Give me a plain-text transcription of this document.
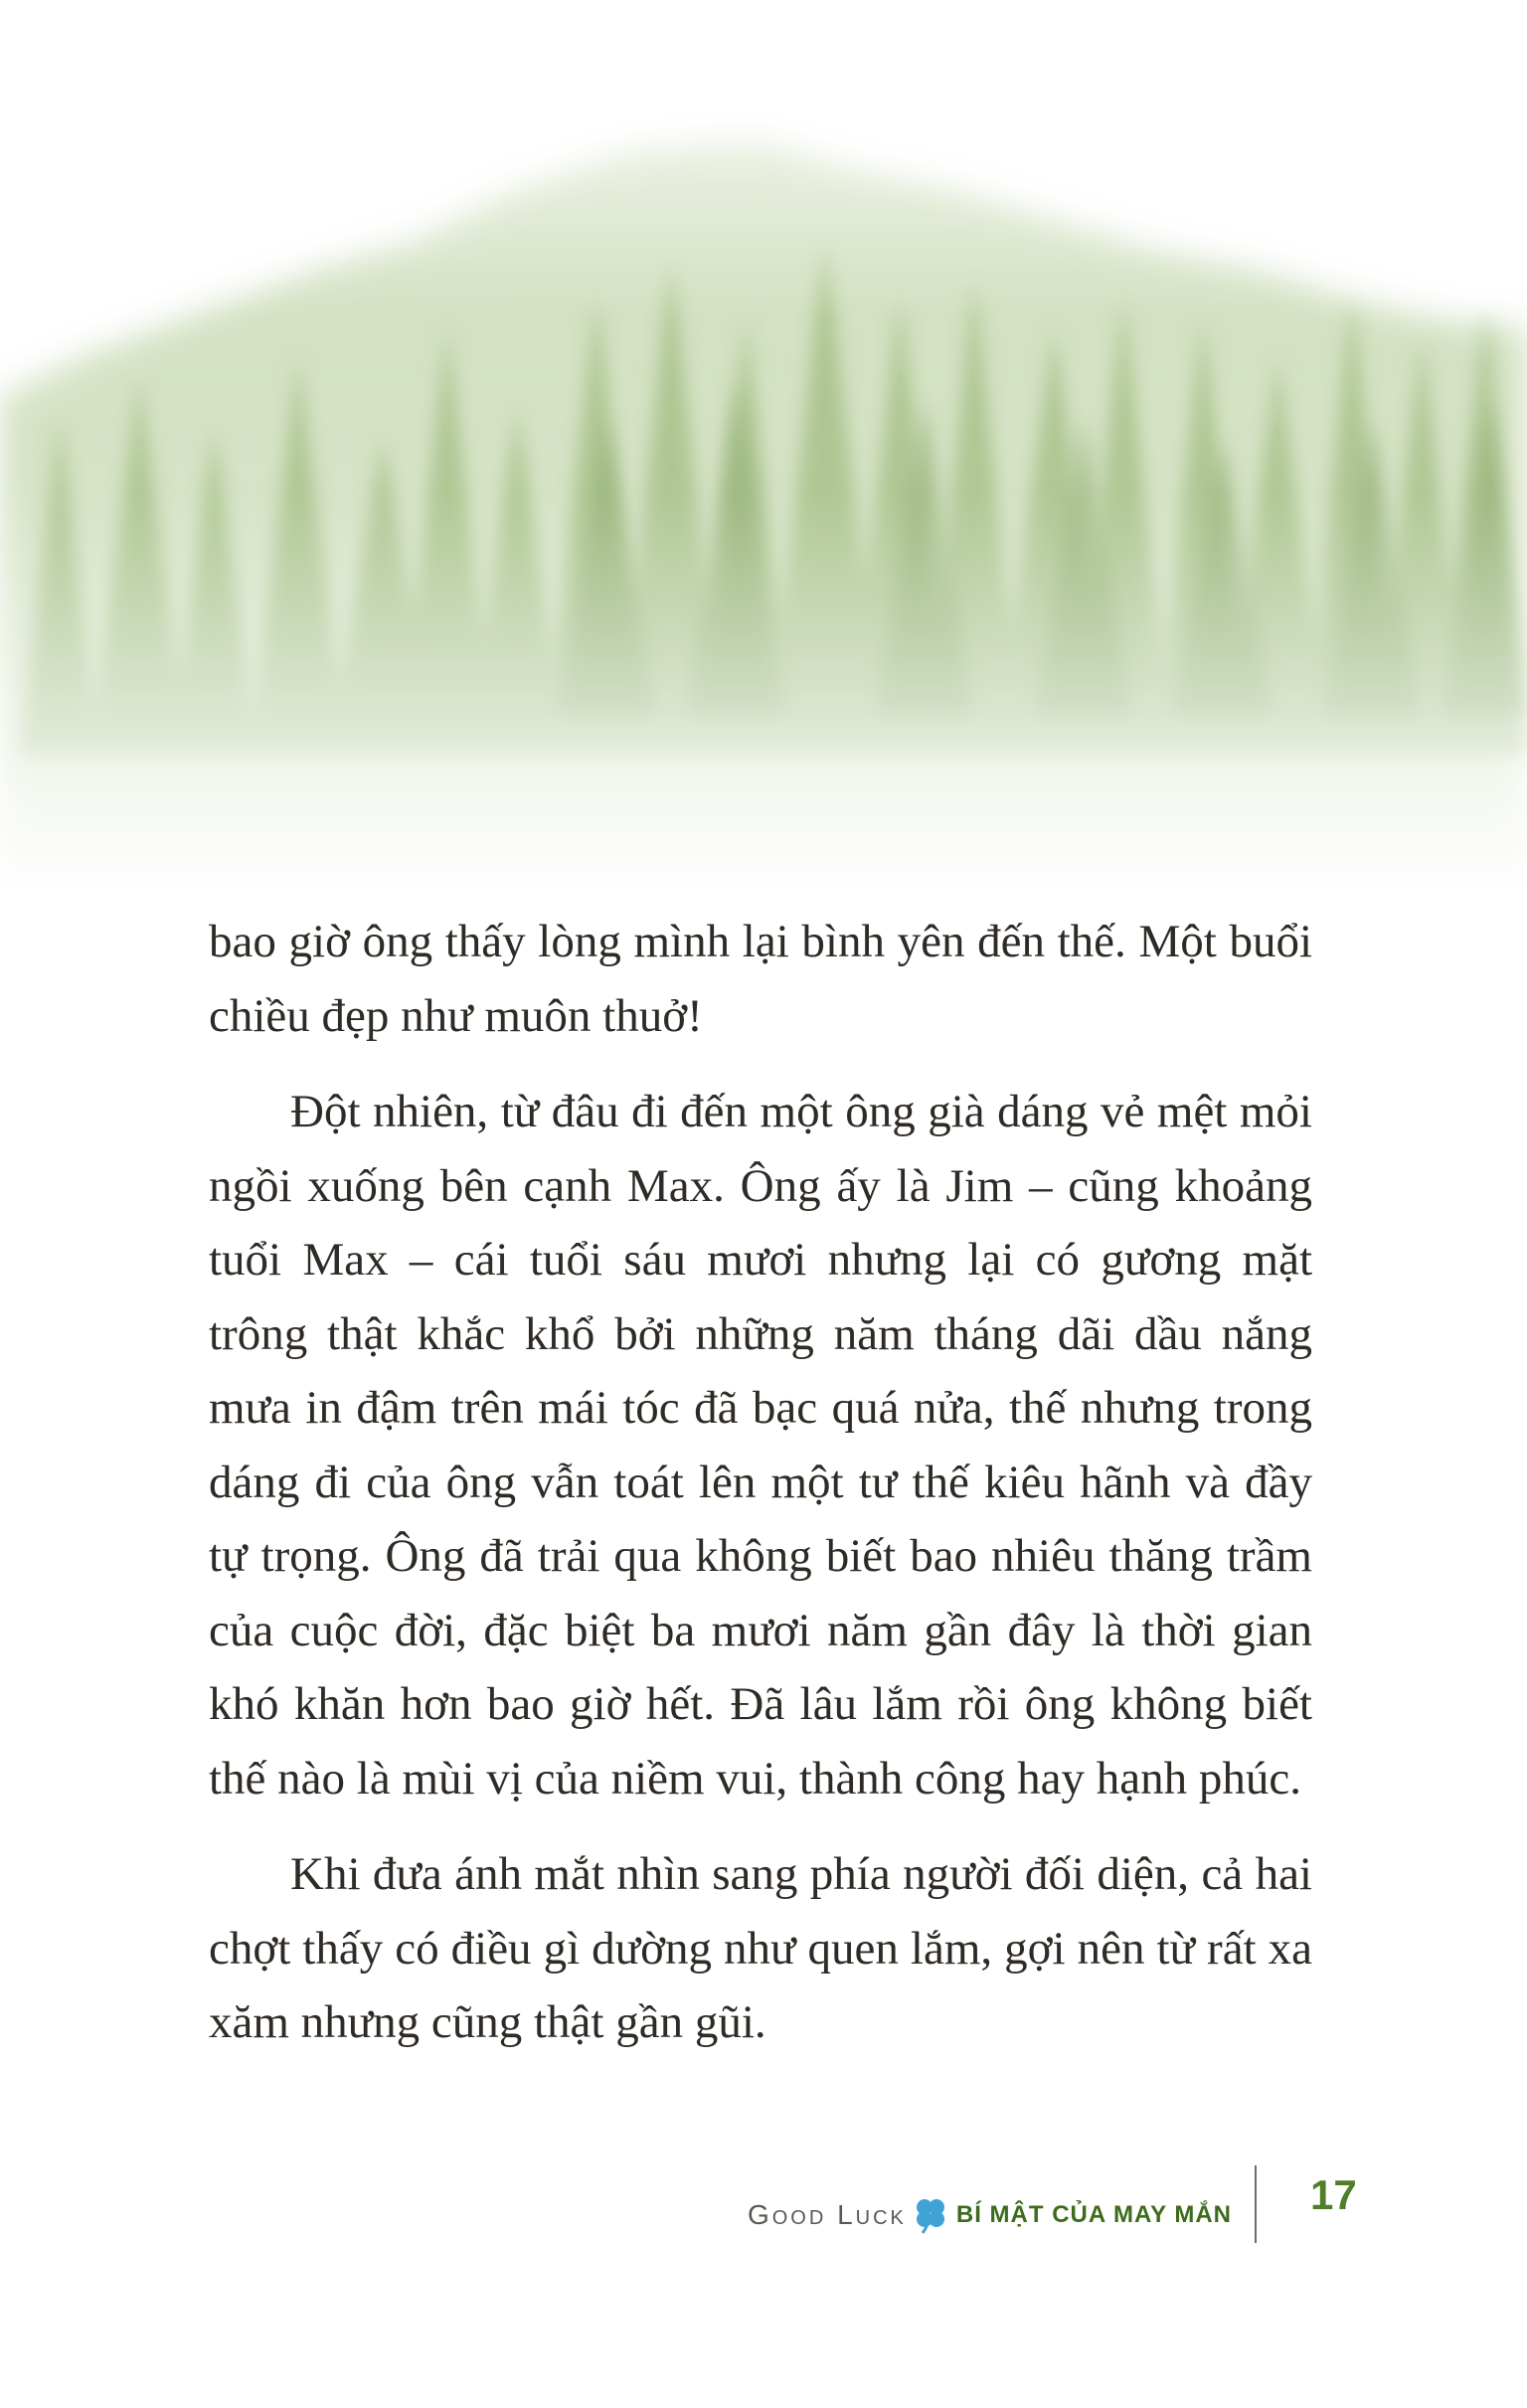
bao giờ ông thấy lòng mình lại bình yên đến thế. Một buổi chiều đẹp như muôn thuở!

Đột nhiên, từ đâu đi đến một ông già dáng vẻ mệt mỏi ngồi xuống bên cạnh Max. Ông ấy là Jim – cũng khoảng tuổi Max – cái tuổi sáu mươi nhưng lại có gương mặt trông thật khắc khổ bởi những năm tháng dãi dầu nắng mưa in đậm trên mái tóc đã bạc quá nửa, thế nhưng trong dáng đi của ông vẫn toát lên một tư thế kiêu hãnh và đầy tự trọng. Ông đã trải qua không biết bao nhiêu thăng trầm của cuộc đời, đặc biệt ba mươi năm gần đây là thời gian khó khăn hơn bao giờ hết. Đã lâu lắm rồi ông không biết thế nào là mùi vị của niềm vui, thành công hay hạnh phúc.

Khi đưa ánh mắt nhìn sang phía người đối diện, cả hai chợt thấy có điều gì dường như quen lắm, gợi nên từ rất xa xăm nhưng cũng thật gần gũi.

Good Luck BÍ MẬT CỦA MAY MẮN 17
